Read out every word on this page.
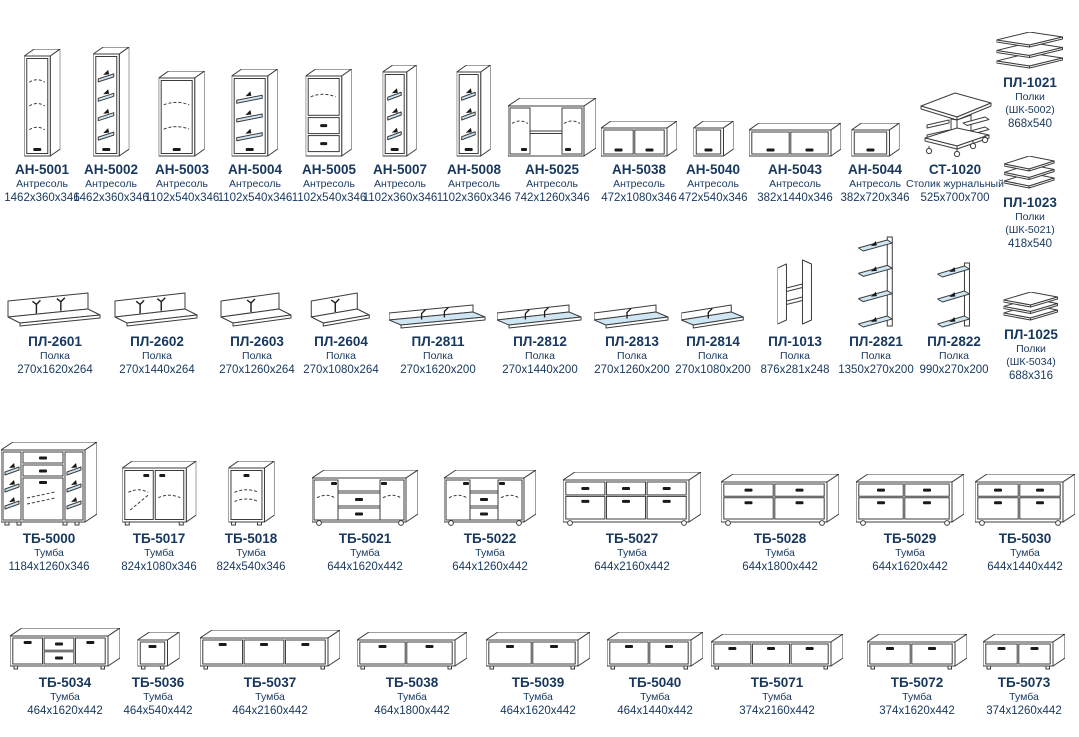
АН-5001
Антресоль
1462x360x346
АН-5002
Антресоль
1462x360x346
АН-5003
Антресоль
1102x540x346
АН-5004
Антресоль
1102x540x346
АН-5005
Антресоль
1102x540x346
АН-5007
Антресоль
1102x360x346
АН-5008
Антресоль
1102x360x346
АН-5025
Антресоль
742x1260x346
АН-5038
Антресоль
472x1080x346
АН-5040
Антресоль
472x540x346
АН-5043
Антресоль
382x1440x346
АН-5044
Антресоль
382x720x346
СТ-1020
Столик журнальный
525x700x700
ПЛ-2601
Полка
270x1620x264
ПЛ-2602
Полка
270x1440x264
ПЛ-2603
Полка
270x1260x264
ПЛ-2604
Полка
270x1080x264
ПЛ-2811
Полка
270x1620x200
ПЛ-2812
Полка
270x1440x200
ПЛ-2813
Полка
270x1260x200
ПЛ-2814
Полка
270x1080x200
ПЛ-1013
Полка
876x281x248
ПЛ-2821
Полка
1350x270x200
ПЛ-2822
Полка
990x270x200
ТБ-5000
Тумба
1184x1260x346
ТБ-5017
Тумба
824x1080x346
ТБ-5018
Тумба
824x540x346
ТБ-5021
Тумба
644x1620x442
ТБ-5022
Тумба
644x1260x442
ТБ-5027
Тумба
644x2160x442
ТБ-5028
Тумба
644x1800x442
ТБ-5029
Тумба
644x1620x442
ТБ-5030
Тумба
644x1440x442
ТБ-5034
Тумба
464x1620x442
ТБ-5036
Тумба
464x540x442
ТБ-5037
Тумба
464x2160x442
ТБ-5038
Тумба
464x1800x442
ТБ-5039
Тумба
464x1620x442
ТБ-5040
Тумба
464x1440x442
ТБ-5071
Тумба
374x2160x442
ТБ-5072
Тумба
374x1620x442
ТБ-5073
Тумба
374x1260x442
ПЛ-1021
Полки
(ШК-5002)
868x540
ПЛ-1023
Полки
(ШК-5021)
418x540
ПЛ-1025
Полки
(ШК-5034)
688x316
